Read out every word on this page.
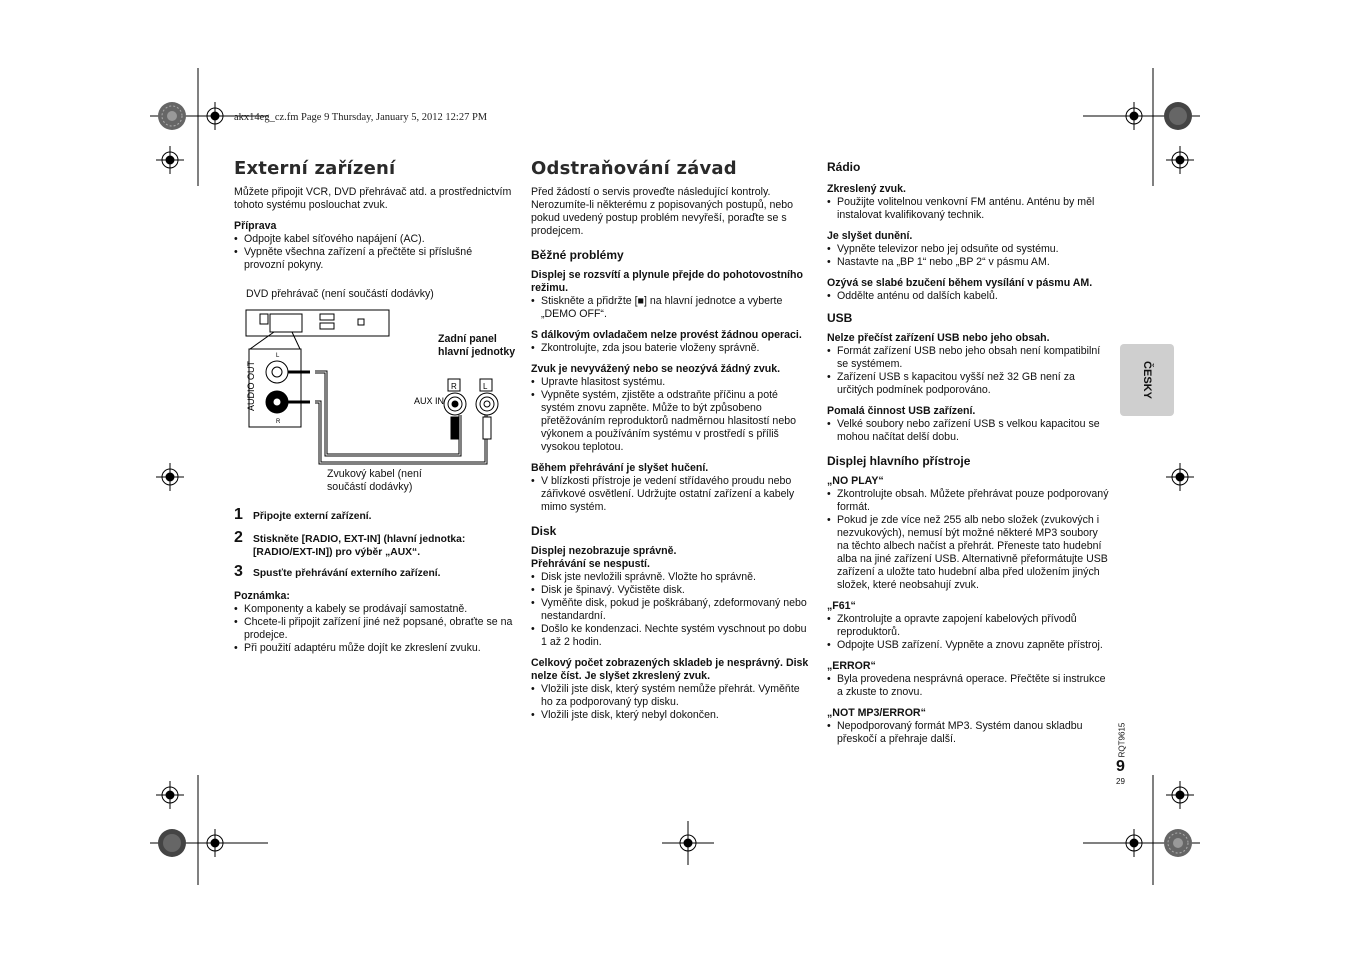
akx14eg_cz.fm Page 9 Thursday, January 5, 2012 12:27 PM
Externí zařízení

Můžete připojit VCR, DVD přehrávač atd. a prostřednictvím tohoto systému poslouchat zvuk.

Příprava

• Odpojte kabel síťového napájení (AC).
• Vypněte všechna zařízení a přečtěte si příslušné provozní pokyny.
DVD přehrávač (není součástí dodávky)
AUDIO OUT
L
R
R	L
AUX IN
Zadní panel hlavní jednotky
Zvukový kabel (není součástí dodávky)
1 Připojte externí zařízení.
2 Stiskněte [RADIO, EXT-IN] (hlavní jednotka: [RADIO/EXT-IN]) pro výběr „AUX“.
3 Spusťte přehrávání externího zařízení.

Poznámka:

• Komponenty a kabely se prodávají samostatně.
• Chcete-li připojit zařízení jiné než popsané, obraťte se na prodejce.
• Při použití adaptéru může dojít ke zkreslení zvuku.
Odstraňování závad

Před žádostí o servis proveďte následující kontroly. Nerozumíte-li některému z popisovaných postupů, nebo pokud uvedený postup problém nevyřeší, poraďte se s prodejcem.

Běžné problémy

Displej se rozsvítí a plynule přejde do pohotovostního režimu.

• Stiskněte a přidržte [■] na hlavní jednotce a vyberte „DEMO OFF“.

S dálkovým ovladačem nelze provést žádnou operaci.

• Zkontrolujte, zda jsou baterie vloženy správně.

Zvuk je nevyvážený nebo se neozývá žádný zvuk.

• Upravte hlasitost systému.
• Vypněte systém, zjistěte a odstraňte příčinu a poté systém znovu zapněte. Může to být způsobeno přetěžováním reproduktorů nadměrnou hlasitostí nebo výkonem a používáním systému v prostředí s příliš vysokou teplotou.

Během přehrávání je slyšet hučení.

• V blízkosti přístroje je vedení střídavého proudu nebo zářivkové osvětlení. Udržujte ostatní zařízení a kabely mimo systém.
Disk

Displej nezobrazuje správně.

Přehrávání se nespustí.

• Disk jste nevložili správně. Vložte ho správně.
• Disk je špinavý. Vyčistěte disk.
• Vyměňte disk, pokud je poškrábaný, zdeformovaný nebo nestandardní.
• Došlo ke kondenzaci. Nechte systém vyschnout po dobu 1 až 2 hodin.

Celkový počet zobrazených skladeb je nesprávný. Disk nelze číst. Je slyšet zkreslený zvuk.

• Vložili jste disk, který systém nemůže přehrát. Vyměňte ho za podporovaný typ disku.
• Vložili jste disk, který nebyl dokončen.
Rádio

Zkreslený zvuk.

• Použijte volitelnou venkovní FM anténu. Anténu by měl instalovat kvalifikovaný technik.

Je slyšet dunění.

• Vypněte televizor nebo jej odsuňte od systému.
• Nastavte na „BP 1“ nebo „BP 2“ v pásmu AM.

Ozývá se slabé bzučení během vysílání v pásmu AM.

• Oddělte anténu od dalších kabelů.
USB

Nelze přečíst zařízení USB nebo jeho obsah.

• Formát zařízení USB nebo jeho obsah není kompatibilní se systémem.
• Zařízení USB s kapacitou vyšší než 32 GB není za určitých podmínek podporováno.

Pomalá činnost USB zařízení.

• Velké soubory nebo zařízení USB s velkou kapacitou se mohou načítat delší dobu.
Displej hlavního přístroje

„NO PLAY“

• Zkontrolujte obsah. Můžete přehrávat pouze podporovaný formát.
• Pokud je zde více než 255 alb nebo složek (zvukových i nezvukových), nemusí být možné některé MP3 soubory na těchto albech načíst a přehrát. Přeneste tato hudební alba na jiné zařízení USB. Alternativně přeformátujte USB zařízení a uložte tato hudební alba před uložením jiných složek, které neobsahují zvuk.

„F61“

• Zkontrolujte a opravte zapojení kabelových přívodů reproduktorů.
• Odpojte USB zařízení. Vypněte a znovu zapněte přístroj.

„ERROR“

• Byla provedena nesprávná operace. Přečtěte si instrukce a zkuste to znovu.

„NOT MP3/ERROR“

• Nepodporovaný formát MP3. Systém danou skladbu přeskočí a přehraje další.
ČESKY
RQT9615
9
29
